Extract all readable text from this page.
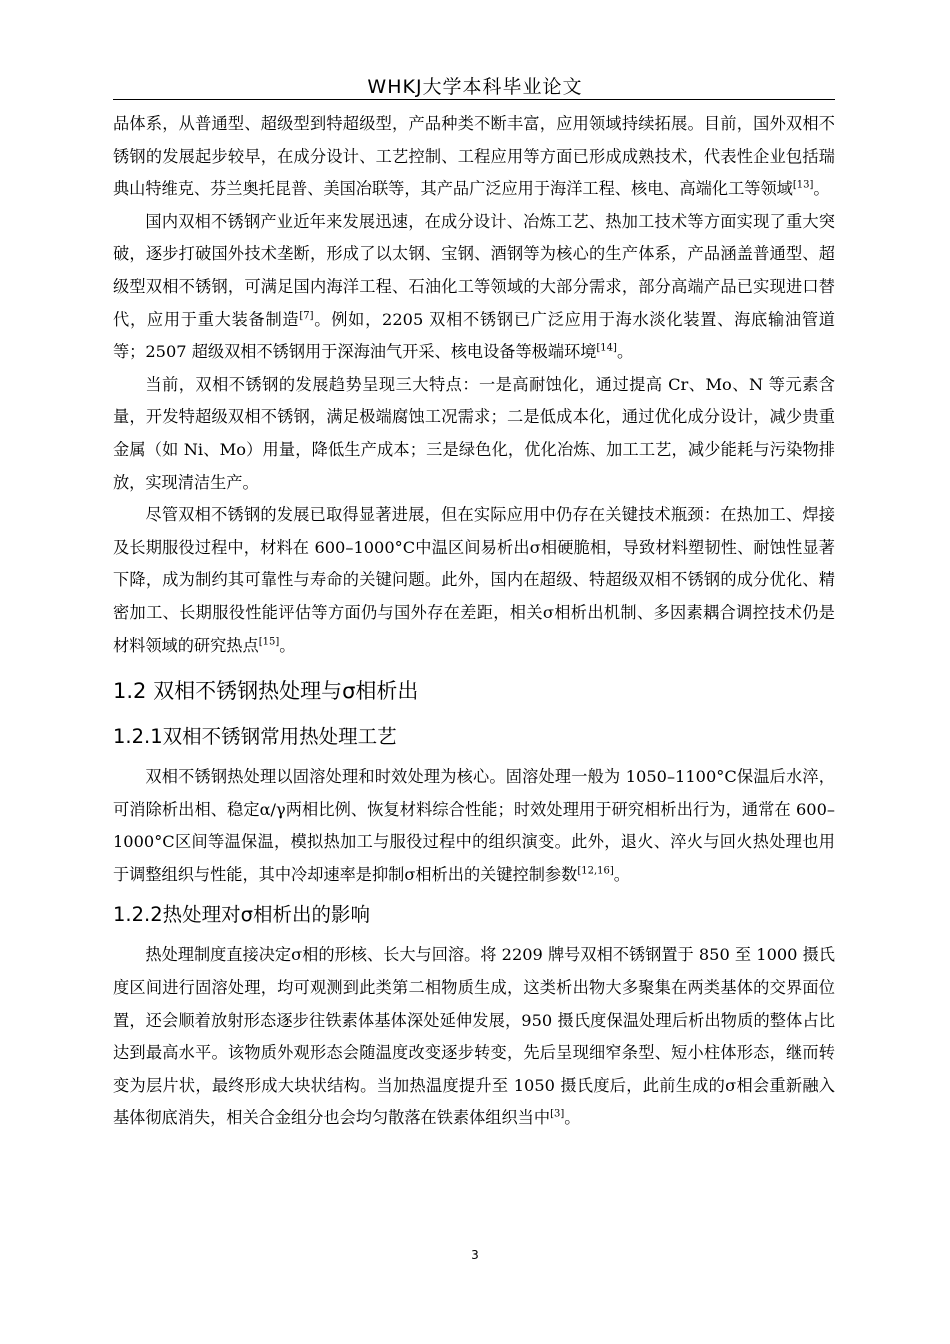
WHKJ大学本科毕业论文

品体系，从普通型、超级型到特超级型，产品种类不断丰富，应用领域持续拓展。目前，国外双相不锈钢的发展起步较早，在成分设计、工艺控制、工程应用等方面已形成成熟技术，代表性企业包括瑞典山特维克、芬兰奥托昆普、美国冶联等，其产品广泛应用于海洋工程、核电、高端化工等领域[13]。

国内双相不锈钢产业近年来发展迅速，在成分设计、冶炼工艺、热加工技术等方面实现了重大突破，逐步打破国外技术垄断，形成了以太钢、宝钢、酒钢等为核心的生产体系，产品涵盖普通型、超级型双相不锈钢，可满足国内海洋工程、石油化工等领域的大部分需求，部分高端产品已实现进口替代，应用于重大装备制造[7]。例如，2205 双相不锈钢已广泛应用于海水淡化装置、海底输油管道等；2507 超级双相不锈钢用于深海油气开采、核电设备等极端环境[14]。

当前，双相不锈钢的发展趋势呈现三大特点：一是高耐蚀化，通过提高 Cr、Mo、N 等元素含量，开发特超级双相不锈钢，满足极端腐蚀工况需求；二是低成本化，通过优化成分设计，减少贵重金属（如 Ni、Mo）用量，降低生产成本；三是绿色化，优化冶炼、加工工艺，减少能耗与污染物排放，实现清洁生产。

尽管双相不锈钢的发展已取得显著进展，但在实际应用中仍存在关键技术瓶颈：在热加工、焊接及长期服役过程中，材料在 600–1000°C中温区间易析出σ相硬脆相，导致材料塑韧性、耐蚀性显著下降，成为制约其可靠性与寿命的关键问题。此外，国内在超级、特超级双相不锈钢的成分优化、精密加工、长期服役性能评估等方面仍与国外存在差距，相关σ相析出机制、多因素耦合调控技术仍是材料领域的研究热点[15]。

1.2 双相不锈钢热处理与σ相析出
1.2.1双相不锈钢常用热处理工艺

双相不锈钢热处理以固溶处理和时效处理为核心。固溶处理一般为 1050–1100°C保温后水淬，可消除析出相、稳定α/γ两相比例、恢复材料综合性能；时效处理用于研究相析出行为，通常在 600–1000°C区间等温保温，模拟热加工与服役过程中的组织演变。此外，退火、淬火与回火热处理也用于调整组织与性能，其中冷却速率是抑制σ相析出的关键控制参数[12,16]。

1.2.2热处理对σ相析出的影响

热处理制度直接决定σ相的形核、长大与回溶。将 2209 牌号双相不锈钢置于 850 至 1000 摄氏度区间进行固溶处理，均可观测到此类第二相物质生成，这类析出物大多聚集在两类基体的交界面位置，还会顺着放射形态逐步往铁素体基体深处延伸发展，950 摄氏度保温处理后析出物质的整体占比达到最高水平。该物质外观形态会随温度改变逐步转变，先后呈现细窄条型、短小柱体形态，继而转变为层片状，最终形成大块状结构。当加热温度提升至 1050 摄氏度后，此前生成的σ相会重新融入基体彻底消失，相关合金组分也会均匀散落在铁素体组织当中[3]。

3
